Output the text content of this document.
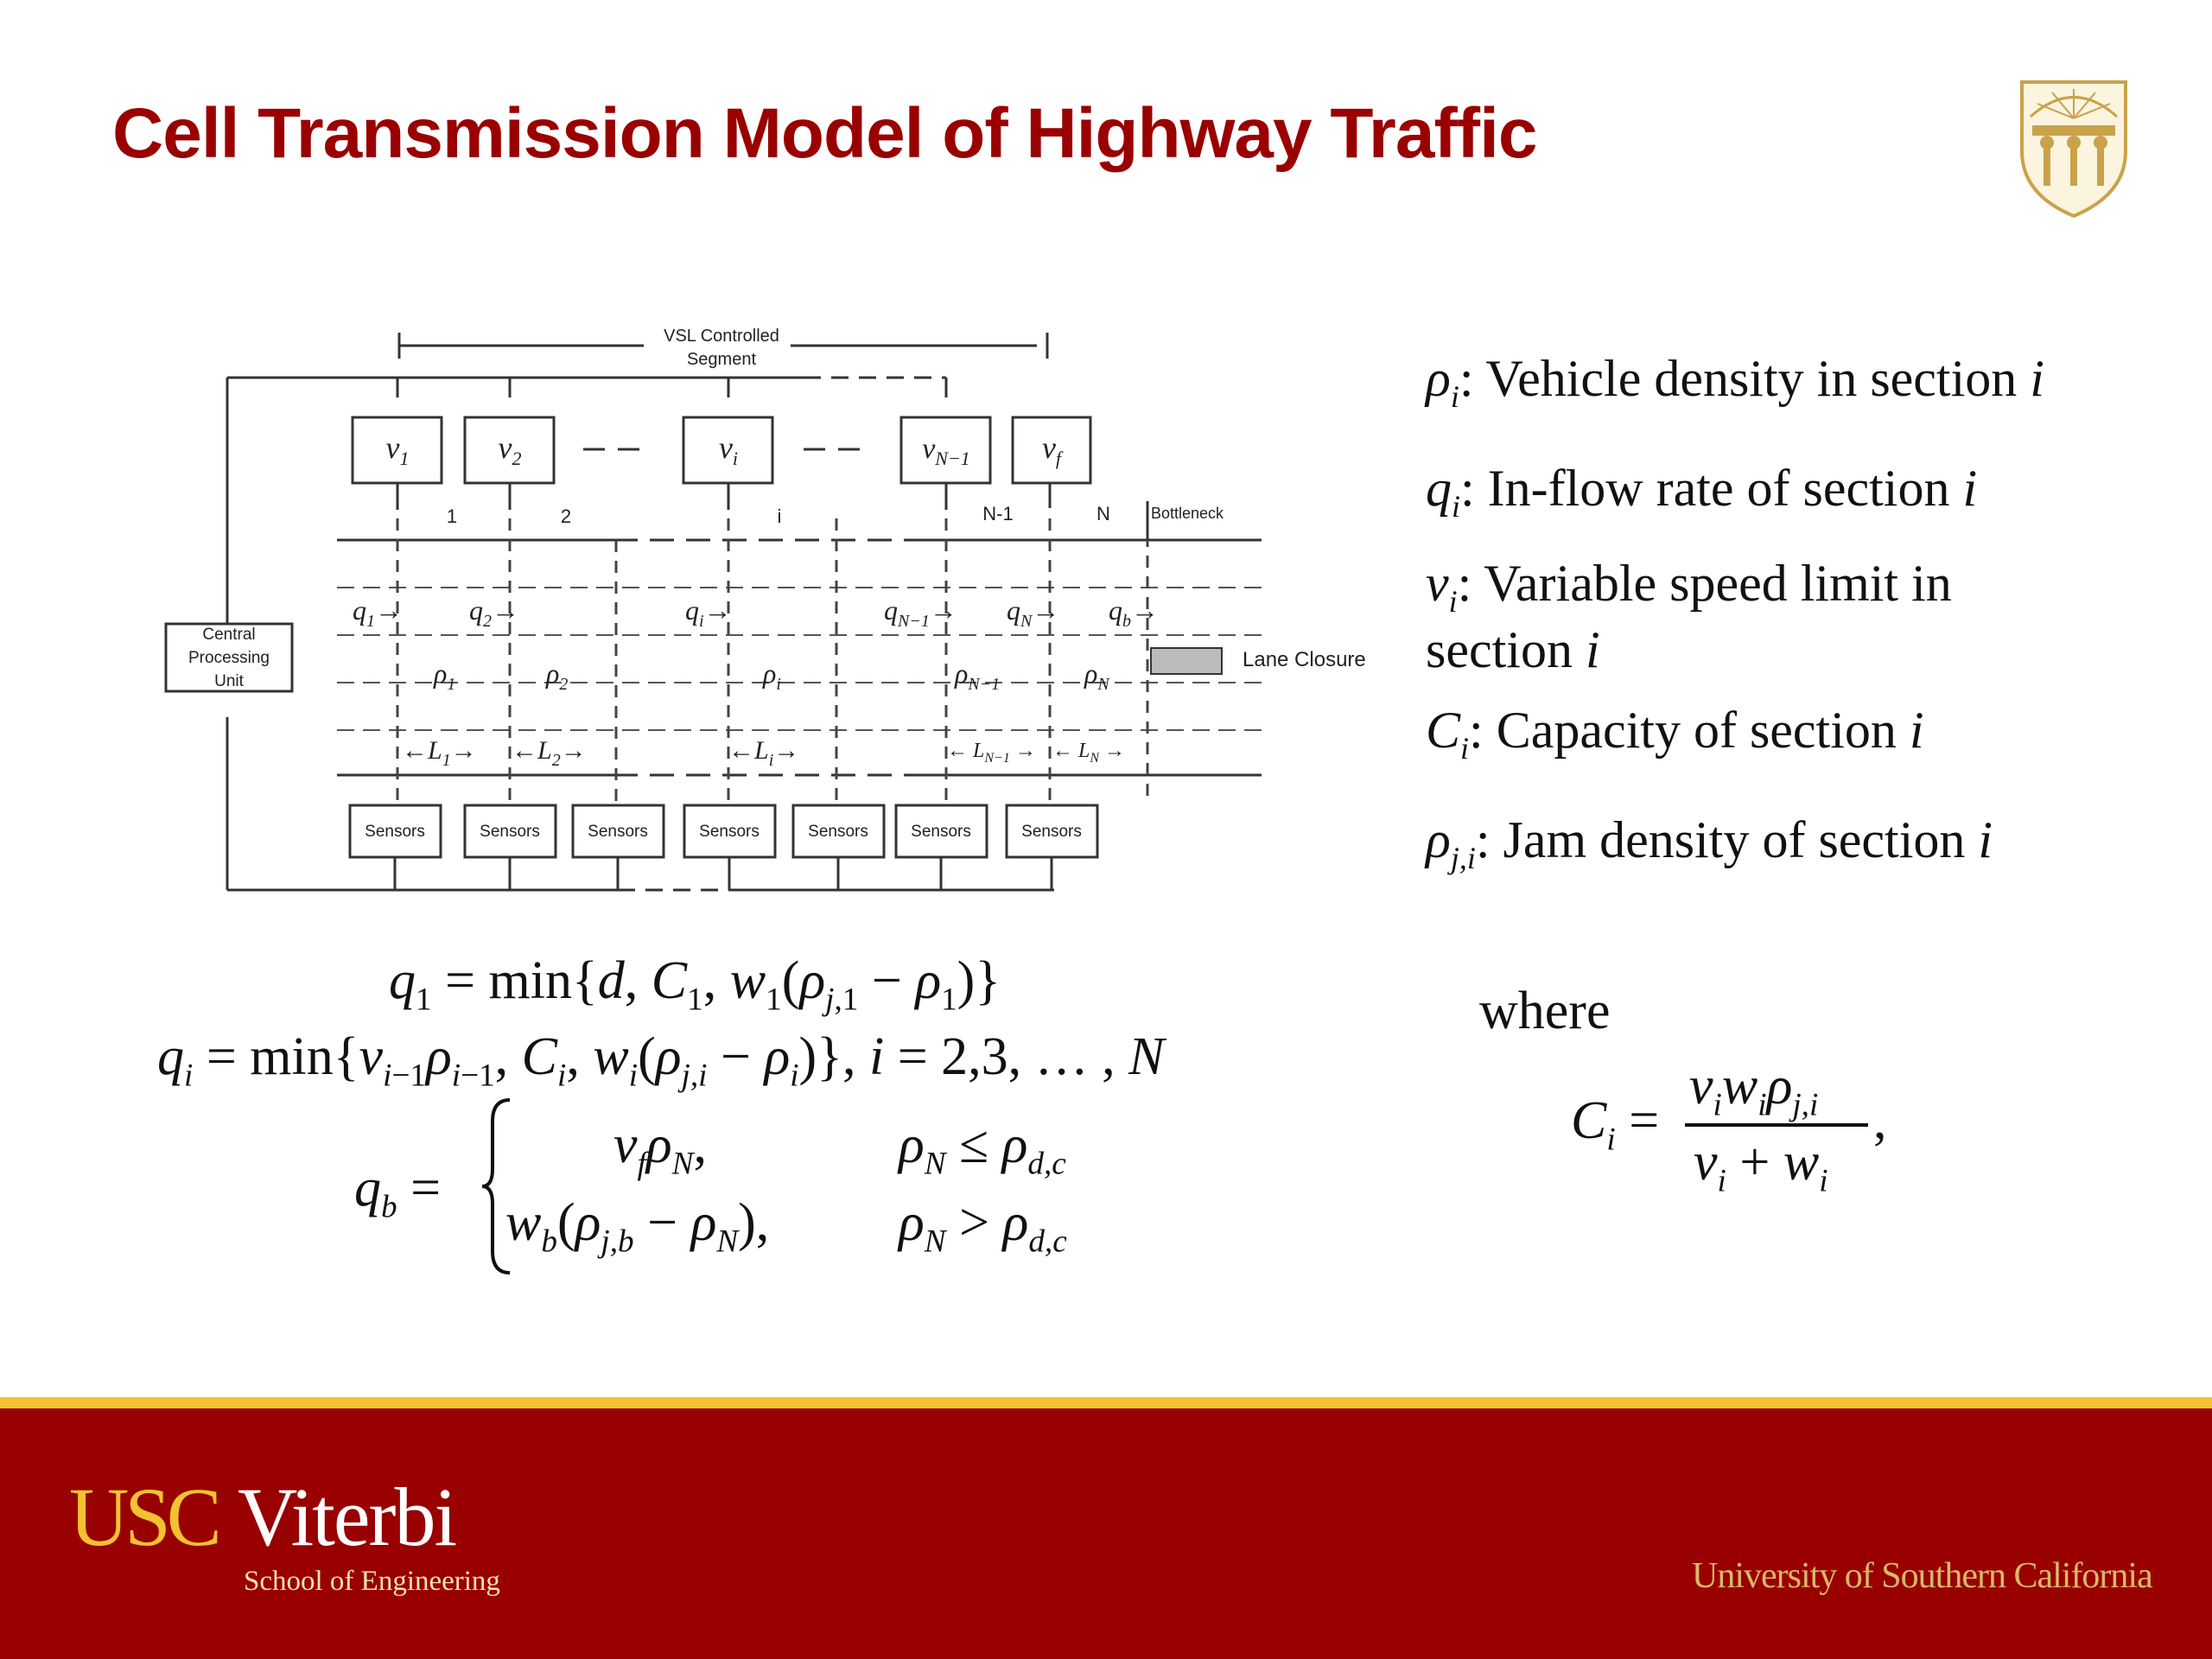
Cell Transmission Model of Highway Traffic
VSL Controlled
Segment
Central
Processing
Unit
$v_1$	$v_2$	$v_i$	$v_{N-1}$ $v_f$
1	2	i	N-1	N	Bottleneck
Lane Closure
$q_1\to q_2\to$	$q_i\to$	$q_{N-1}\to q_N\to q_b\to$
$\rho_1$	$\rho_2$	$\rho_i$	$\rho_{N-1}$	$\rho_N$
$\leftarrow L_1\to$ $\leftarrow L_2\to$	$\leftarrow L_i\to$	← $L_{N-1}$ → ← $L_N$ →
Sensors	Sensors	Sensors	Sensors	Sensors	Sensors	Sensors
$\rho_i$: Vehicle density in section i
$q_i$: In-flow rate of section i
$v_i$: Variable speed limit in
section i
$C_i$: Capacity of section i
$\rho_{j,i}$: Jam density of section i
$q_1 = \min\{d$, $C_1$, $w_1(\rho_{j,1} - \rho_1)$}
$q_i = \min\{v_{i-1}\rho_{i-1}$, $C_i$, $w_i(\rho_{j,i} - \rho_i)$}, i = 2,3, … , N
$q_b$ =
$v_f\rho_N$,	$\rho_N \le \rho_{d,c}$
$w_b(\rho_{j,b} - \rho_N)$, $\rho_N > \rho_{d,c}$
where
$C_i$ =
$v_iw_i\rho_{j,i}$
$v_i + w_i$
,
USC Viterbi
School of Engineering	University of Southern California
